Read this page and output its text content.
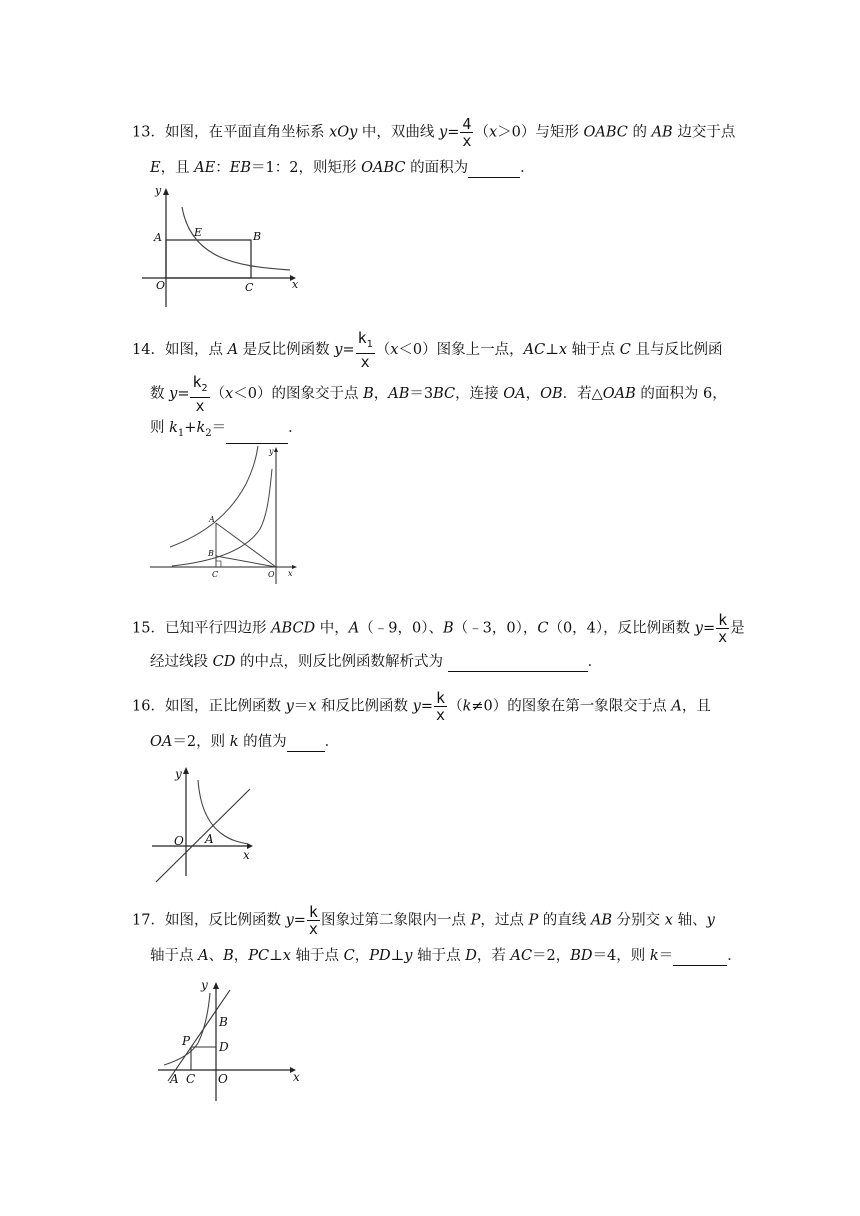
13．如图，在平面直角坐标系 xOy 中，双曲线 $y= \frac{4}{x} (x>0)$与矩形 OABC 的 AB 边交于点
E，且 AE：EB＝1：2，则矩形 OABC 的面积为	．
y
A	E	B
O	C	x
14．如图，点 A 是反比例函数 $y= \frac{k_1}{x} (x<0)$图象上一点，AC⊥x 轴于点 C 且与反比例函
数 $y= \frac{k_2}{x} (x<0)$的图象交于点 B，AB＝3BC，连接 OA，OB．若△OAB 的面积为 6，
则 $k_1+k_2=$	．
y
A
B
C	O x
15．已知平行四边形 ABCD 中，A（﹣9，0）、B（﹣3，0），C（0，4），反比例函数 $y= \frac{k}{x}$ 是
经过线段 CD 的中点，则反比例函数解析式为	．
16．如图，正比例函数 y＝x 和反比例函数 $y= \frac{k}{x} (k\ne 0)$的图象在第一象限交于点 A，且
OA＝2，则 k 的值为	．
y
O A
x
17．如图，反比例函数 $y= \frac{k}{x}$ 图象过第二象限内一点 P，过点 P 的直线 AB 分别交 x 轴、y
轴于点 A、B，PC⊥x 轴于点 C，PD⊥y 轴于点 D，若 AC＝2，BD＝4，则 k＝	．
y
B
P D
A C O	x
